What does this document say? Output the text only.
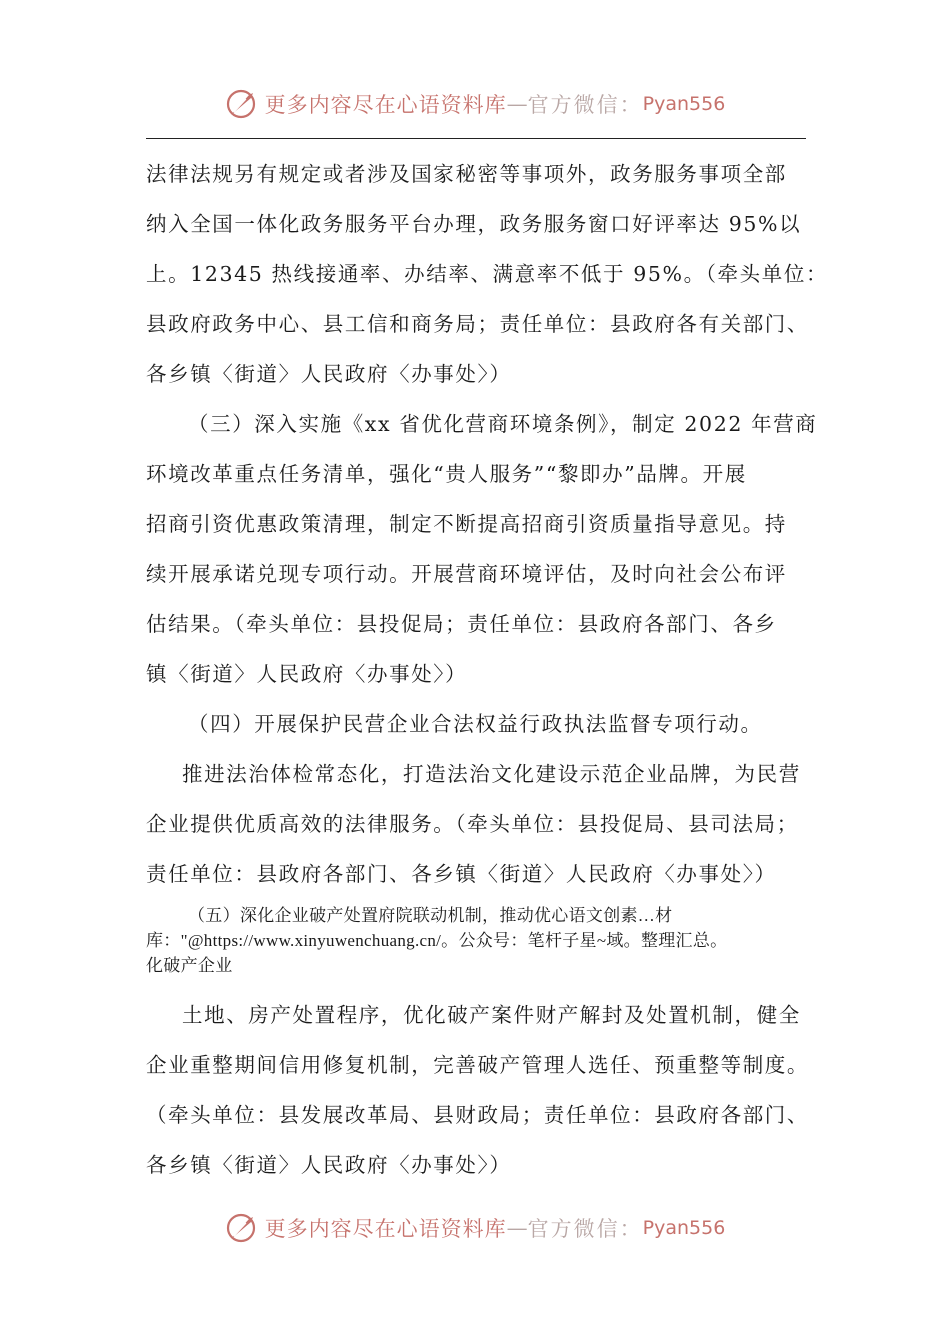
更多内容尽在心语资料库 — 官方微信： Pyan556
法律法规另有规定或者涉及国家秘密等事项外，政务服务事项全部
纳入全国一体化政务服务平台办理，政务服务窗口好评率达 95%以
上。12345 热线接通率、办结率、满意率不低于 95%。（牵头单位：
县政府政务中心、县工信和商务局；责任单位：县政府各有关部门、
各乡镇〈街道〉人民政府〈办事处〉）
（三）深入实施《xx 省优化营商环境条例》，制定 2022 年营商
环境改革重点任务清单，强化“贵人服务”“黎即办”品牌。开展
招商引资优惠政策清理，制定不断提高招商引资质量指导意见。持
续开展承诺兑现专项行动。开展营商环境评估，及时向社会公布评
估结果。（牵头单位：县投促局；责任单位：县政府各部门、各乡
镇〈街道〉人民政府〈办事处〉）
（四）开展保护民营企业合法权益行政执法监督专项行动。
推进法治体检常态化，打造法治文化建设示范企业品牌，为民营
企业提供优质高效的法律服务。（牵头单位：县投促局、县司法局；
责任单位：县政府各部门、各乡镇〈街道〉人民政府〈办事处〉）
（五）深化企业破产处置府院联动机制，推动优心语文创素…材
库："@https://www.xinyuwenchuang.cn/。公众号：笔杆子星~域。整理汇总。
化破产企业
土地、房产处置程序，优化破产案件财产解封及处置机制，健全
企业重整期间信用修复机制，完善破产管理人选任、预重整等制度。
（牵头单位：县发展改革局、县财政局；责任单位：县政府各部门、
各乡镇〈街道〉人民政府〈办事处〉）
更多内容尽在心语资料库 — 官方微信： Pyan556
